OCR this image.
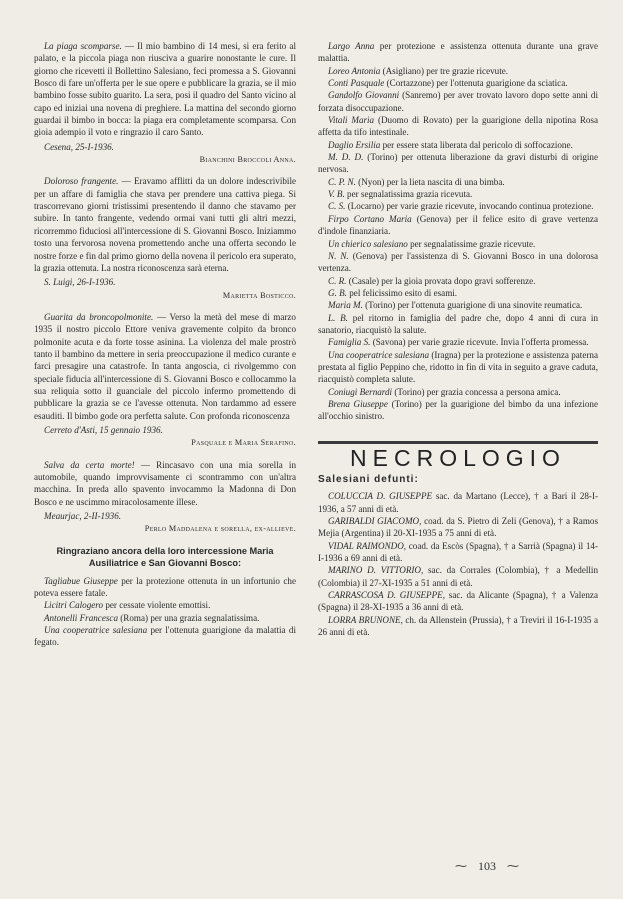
La piaga scomparse. — Il mio bambino di 14 mesi, si era ferito al palato, e la piccola piaga non riusciva a guarire nonostante le cure. Il giorno che ricevetti il Bollettino Salesiano, feci promessa a S. Giovanni Bosco di fare un'offerta per le sue opere e pubblicare la grazia, se il mio bambino fosse subito guarito. La sera, posi il quadro del Santo vicino al capo ed iniziai una novena di preghiere. La mattina del secondo giorno guardai il bimbo in bocca: la piaga era completamente scomparsa. Con gioia adempio il voto e ringrazio il caro Santo.

Cesena, 25-I-1936.

Bianchini Broccoli Anna.

Doloroso frangente. — Eravamo afflitti da un dolore indescrivibile per un affare di famiglia che stava per prendere una cattiva piega. Si trascorrevano giorni tristissimi presentendo il danno che stavamo per subire. In tanto frangente, vedendo ormai vani tutti gli altri mezzi, ricorremmo fiduciosi all'intercessione di S. Giovanni Bosco. Iniziammo tosto una fervorosa novena promettendo anche una offerta secondo le nostre forze e fin dal primo giorno della novena il pericolo era superato, la grazia ottenuta. La nostra riconoscenza sarà eterna.

S. Luigi, 26-I-1936.

Marietta Bosticco.

Guarita da broncopolmonite. — Verso la metà del mese di marzo 1935 il nostro piccolo Ettore veniva gravemente colpito da bronco polmonite acuta e da forte tosse asinina. La violenza del male prostrò tanto il bambino da mettere in seria preoccupazione il medico curante e farci presagire una catastrofe. In tanta angoscia, ci rivolgemmo con speciale fiducia all'intercessione di S. Giovanni Bosco e collocammo la sua reliquia sotto il guanciale del piccolo infermo promettendo di pubblicare la grazia se ce l'avesse ottenuta. Non tardammo ad essere esauditi. Il bimbo gode ora perfetta salute. Con profonda riconoscenza

Cerreto d'Asti, 15 gennaio 1936.

Pasquale e Maria Serafino.

Salva da certa morte! — Rincasavo con una mia sorella in automobile, quando improvvisamente ci scontrammo con un'altra macchina. In preda allo spavento invocammo la Madonna di Don Bosco e ne uscimmo miracolosamente illese.

Meaurjac, 2-II-1936.

Perlo Maddalena e sorella, ex-allieve.

Ringraziano ancora della loro intercessione Maria Ausiliatrice e San Giovanni Bosco:

Tagliabue Giuseppe per la protezione ottenuta in un infortunio che poteva essere fatale.

Licitri Calogero per cessate violente emottisi.

Antonelli Francesca (Roma) per una grazia segnalatissima.

Una cooperatrice salesiana per l'ottenuta guarigione da malattia di fegato.

Largo Anna per protezione e assistenza ottenuta durante una grave malattia.

Loreo Antonia (Asigliano) per tre grazie ricevute.

Conti Pasquale (Cortazzone) per l'ottenuta guarigione da sciatica.

Gandolfo Giovanni (Sanremo) per aver trovato lavoro dopo sette anni di forzata disoccupazione.

Vitali Maria (Duomo di Rovato) per la guarigione della nipotina Rosa affetta da tifo intestinale.

Daglio Ersilia per essere stata liberata dal pericolo di soffocazione.

M. D. D. (Torino) per ottenuta liberazione da gravi disturbi di origine nervosa.

C. P. N. (Nyon) per la lieta nascita di una bimba.

V. B. per segnalatissima grazia ricevuta.

C. S. (Locarno) per varie grazie ricevute, invocando continua protezione.

Firpo Cortano Maria (Genova) per il felice esito di grave vertenza d'indole finanziaria.

Un chierico salesiano per segnalatissime grazie ricevute.

N. N. (Genova) per l'assistenza di S. Giovanni Bosco in una dolorosa vertenza.

C. R. (Casale) per la gioia provata dopo gravi sofferenze.

G. B. pel felicissimo esito di esami.

Maria M. (Torino) per l'ottenuta guarigione di una sinovite reumatica.

L. B. pel ritorno in famiglia del padre che, dopo 4 anni di cura in sanatorio, riacquistò la salute.

Famiglia S. (Savona) per varie grazie ricevute. Invia l'offerta promessa.

Una cooperatrice salesiana (Iragna) per la protezione e assistenza paterna prestata al figlio Peppino che, ridotto in fin di vita in seguito a grave caduta, riacquistò completa salute.

Coniugi Bernardi (Torino) per grazia concessa a persona amica.

Brena Giuseppe (Torino) per la guarigione del bimbo da una infezione all'occhio sinistro.

NECROLOGIO

Salesiani defunti:

COLUCCIA D. GIUSEPPE sac. da Martano (Lecce), † a Bari il 28-I-1936, a 57 anni di età.

GARIBALDI GIACOMO, coad. da S. Pietro di Zeli (Genova), † a Ramos Mejia (Argentina) il 20-XI-1935 a 75 anni di età.

VIDAL RAIMONDO, coad. da Escòs (Spagna), † a Sarrià (Spagna) il 14-I-1936 a 69 anni di età.

MARINO D. VITTORIO, sac. da Corrales (Colombia), † a Medellin (Colombia) il 27-XI-1935 a 51 anni di età.

CARRASCOSA D. GIUSEPPE, sac. da Alicante (Spagna), † a Valenza (Spagna) il 28-XI-1935 a 36 anni di età.

LORRA BRUNONE, ch. da Allenstein (Prussia), † a Treviri il 16-I-1935 a 26 anni di età.

⁓ 103 ⁓
